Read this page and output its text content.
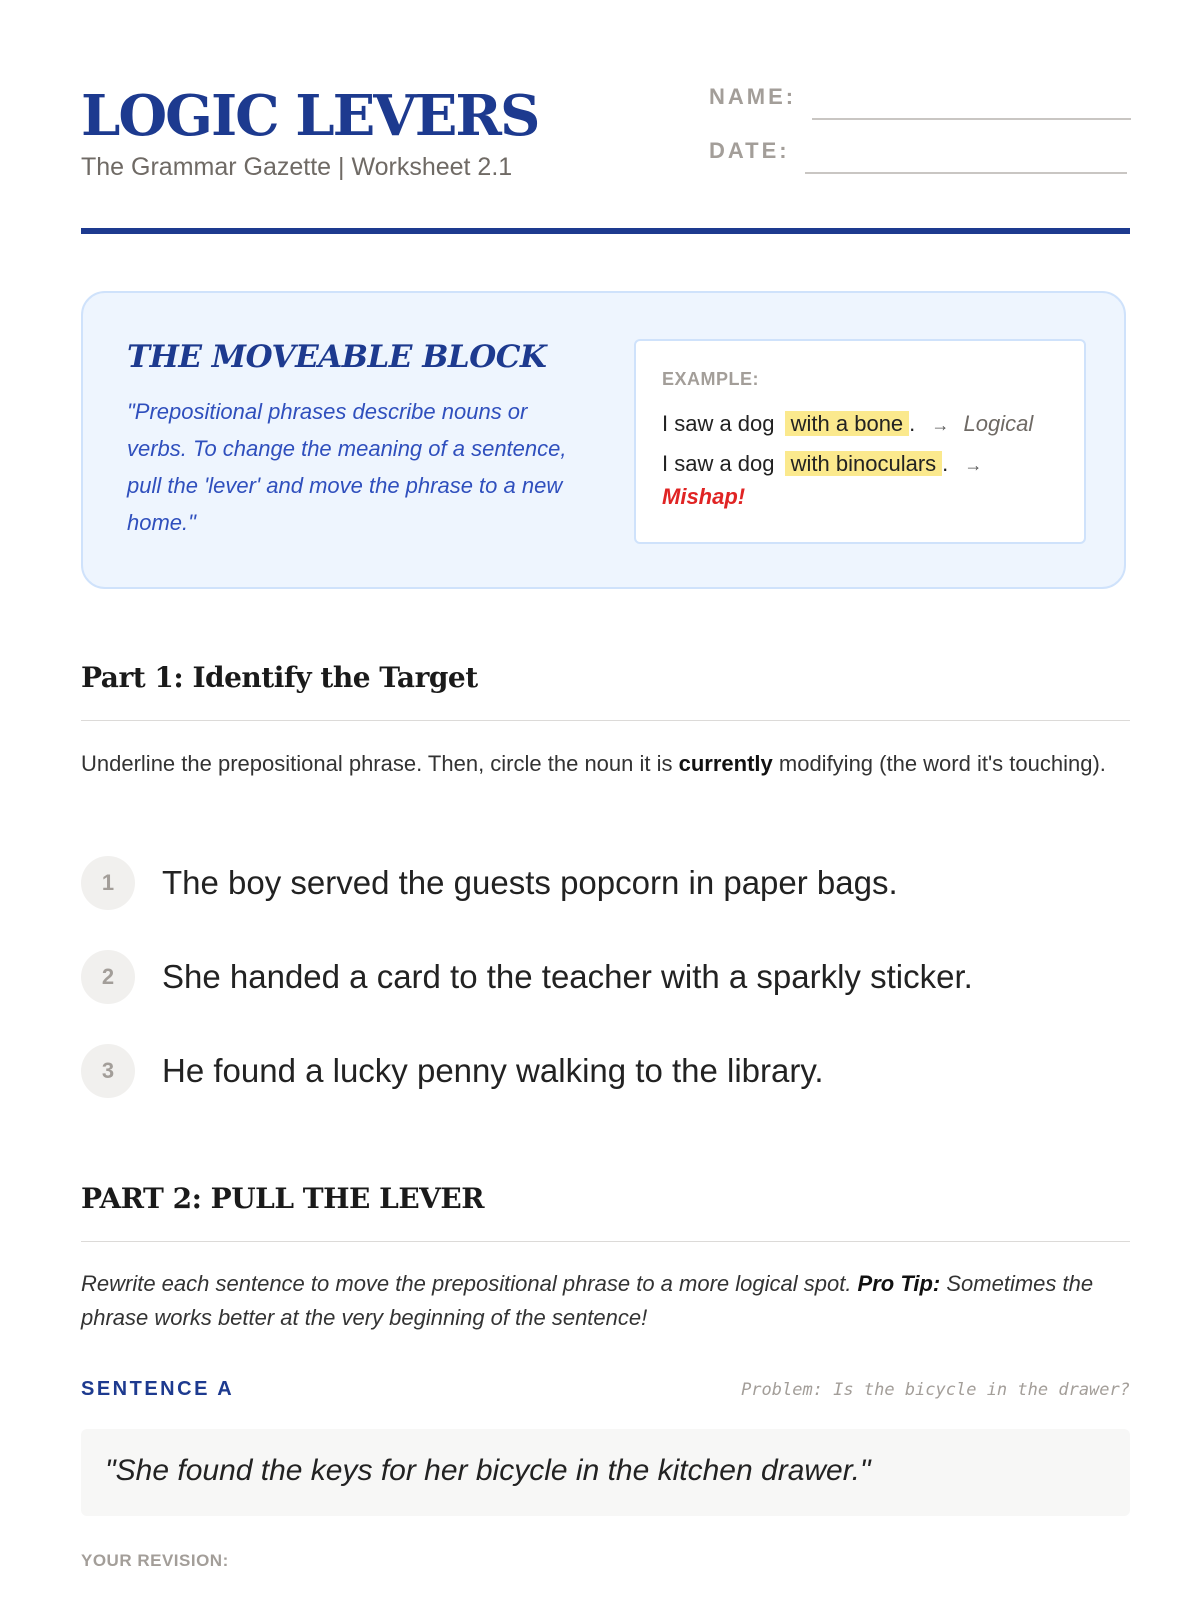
LOGIC LEVERS
The Grammar Gazette | Worksheet 2.1
NAME:
DATE:
THE MOVEABLE BLOCK
"Prepositional phrases describe nouns or verbs. To change the meaning of a sentence, pull the 'lever' and move the phrase to a new home."
EXAMPLE:
I saw a dog with a bone . → Logical
I saw a dog with binoculars . →
Mishap!
Part 1: Identify the Target
Underline the prepositional phrase. Then, circle the noun it is currently modifying (the word it's touching).
1	The boy served the guests popcorn in paper bags.
2	She handed a card to the teacher with a sparkly sticker.
3	He found a lucky penny walking to the library.
PART 2: PULL THE LEVER
Rewrite each sentence to move the prepositional phrase to a more logical spot. Pro Tip: Sometimes the phrase works better at the very beginning of the sentence!
SENTENCE A	Problem: Is the bicycle in the drawer?
"She found the keys for her bicycle in the kitchen drawer."
YOUR REVISION:
